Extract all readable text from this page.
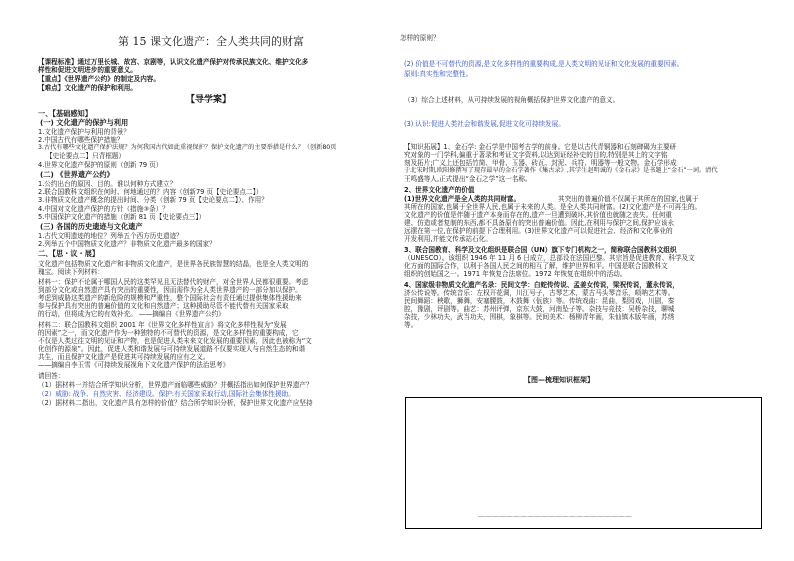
第 15 课文化遗产：全人类共同的财富
【课程标准】通过万里长城、故宫、京剧等，认识文化遗产保护对传承民族文化、维护文化多
样性和促进文明进步的重要意义。
【重点】《世界遗产公约》的制定及内容。
【难点】文化遗产的保护和利用。
【导学案】
一、【基础感知】
(一) 文化遗产的保护与利用
1.文化遗产保护与利用的背景？
2.中国古代有哪些保护措施？
3.古代有哪些文化遗产保护法规？为何我国古代如此重视保护？保护文化遗产的主要举措是什么？（创新80页
【史论要点二】只背框题）
4.世界文化遗产保护的原则（创新 79 页）
(二) 《世界遗产公约》
1.公约出台的原因、目的。谁以何种方式建立？
2.联合国教科文组织在何时、何地通过的？内容（创新79 页【史论要点二】）
3.非物质文化遗产概念的提出时间、分类（创新 79 页【史论要点二】）、作用？
4.中国对文化遗产保护的方针（措施③条）？
5.中国保护文化遗产的措施（创新 81 页【史论要点三】）
(三) 各国的历史遗迹与文化遗产
1.古代文明遗迹的地位？列举五个西方历史遗迹？
2.列举五个中国物质文化遗产？非物质文化遗产最多的国家？
二、【思・议・展】
文化遗产包括物质文化遗产和非物质文化遗产，是世界各民族智慧的结晶，也是全人类文明的
瑰宝。阅读下列材料：
材料一：保护不论属于哪国人民的这类罕见且无法替代的财产，对全世界人民都很重要。考虑
到部分文化或自然遗产具有突出的重要性，因而需作为全人类世界遗产的一部分加以保护。
考虑到威胁这类遗产的新危险的规模和严重性，整个国际社会有责任通过提供集体性援助来
参与保护具有突出的普遍价值的文化和自然遗产；这种援助尽管不能代替有关国家采取
的行动，但将成为它的有效补充。 ——摘编自《世界遗产公约》
材料二：联合国教科文组织 2001 年《世界文化多样性宣言》将文化多样性视为“发展
的因素”之一，而文化遗产作为一种独特的不可替代的资源，是文化多样性的重要构成，它
不仅是人类过往文明的见证和产物，也是促进人类未来文化发展的重要因素，因此也被称为“文
化创作的源泉”。因此，促进人类和谐发展与可持续发展道路不仅要实现人与自然生态的和谐
共生，而且保护文化遗产是促进其可持续发展的应有之义。
——摘编自李玉雪《可持续发展视角下文化遗产保护的法治思考》
请回答：
（1）据材料一并结合所学知识分析，世界遗产面临哪些威胁？并概括指出如何保护世界遗产？
（2）威胁: 战争、自然灾害、经济建设。保护:有关国家采取行动,国际社会集体性援助。
（2）据材料二指出，文化遗产具有怎样的价值？结合所学知识分析，保护世界文化遗产应坚持
怎样的原则？
(2) 价值是不可替代的资源,是文化多样性的重要构成,是人类文明的见证和文化发展的重要因素。
原则:真实性和完整性。
（3）综合上述材料，从可持续发展的视角概括保护世界文化遗产的意义。
(3) 认识:促进人类社会和谐发展,促进文化可持续发展。
【知识拓展】1、金石学: 金石学是中国考古学的前身。它是以古代青铜器和石刻碑碣为主要研
究对象的一门学科,偏重于著录和考证文字资料,以达到证经补史的目的,特别是其上的文字铭
刻及拓片;广义上还包括竹简、甲骨、玉器、砖瓦、封泥、兵符、明器等一般文物。金石学形成
于北宋时期,欧阳修撰写了现存最早的金石学著作《集古录》,其学生赵明诚的《金石录》是书题上“金石”一词。清代
王鸣盛等人,正式提出“金石之学”这一名称。
2、世界文化遗产的价值
(1)世界文化遗产是全人类的共同财富。	其突出的普遍价值不仅属于其所在的国家,也属于
其所在的国家,也属于全世界人民,也属于未来的人类。是全人类共同财富。(2)文化遗产是不可再生的。
文化遗产的价值是伴随于遗产本身而存在的,遗产一旦遭到破坏,其价值也就随之丧失。任何重
建、仿造或者复制的东西,都不具备原有的突出普遍价值。因此,在利用与保护之间,保护应该永
远摆在第一位,在保护的前提下合理利用。(3)世界文化遗产可以促进社会、经济和文化事业的
开发利用,并能文传承站石化。
3、联合国教育、科学及文化组织是联合国（UN）旗下专门机构之一，简称联合国教科文组织
（UNESCO）。该组织 1946 年 11 月 6 日成立，总部设在法国巴黎。其宗旨是促进教育、科学及文
化方面的国际合作，以利于各国人民之间的相互了解，维护世界和平。中国是联合国教科文
组织的创始国之一。1971 年恢复合法席位。1972 年恢复在组织中的活动。
4、国家级非物质文化遗产名录：民间文学：白蛇传传说、孟姜女传说，梁祝传说，董永传说，
济公传说等。传统音乐：左权开花调，川江号子，古琴艺术，蒙古马头琴音乐，唢呐艺术等。
民间舞蹈：秧歌，狮舞，安塞腰鼓，木鼓舞（佤族）等。传统戏曲：昆曲，梨园戏，川剧，秦
腔，豫剧，评剧等。曲艺：苏州评弹，京东大鼓，河南坠子等。杂技与竞技：吴桥杂技，聊城
杂技，少林功夫，武当功夫，围棋，象棋等。民间美术：杨柳青年画，朱仙镇木版年画，苏绣
等。
【图—梳理知识框架】
——————————————————————
